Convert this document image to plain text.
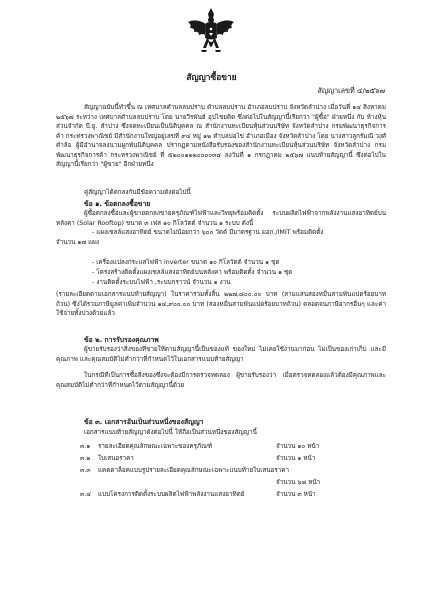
สัญญาซื้อขาย
สัญญาเลขที่ ๔/๒๕๖๗
สัญญาฉบับนี้ทำขึ้น ณ เทศบาลตำบลลบปราบ ตำบลลบปราบ อำเภอลบปราบ จังหวัดลำปาง เมื่อวันที่ ๑๔ สิงหาคม ๒๕๖๗ ระหว่าง เทศบาลตำบลลบปราบ โดย นายวีรพันธ์ อุปไชยคิด ซึ่งต่อไปในสัญญานี้เรียกว่า "ผู้ซื้อ" ฝ่ายหนึ่ง กับ ห้างหุ้นส่วนจำกัด บี.ยู. ลำปาง ซึ่งจดทะเบียนเป็นนิติบุคคล ณ สำนักงานทะเบียนหุ้นส่วนบริษัท จังหวัดลำปาง กรมพัฒนาธุรกิจการค้า กระทรวงพาณิชย์ มีสำนักงานใหญ่อยู่เลขที่ ๙๔ หมู่ ๑๒ ตำบลบ่อไข่ อำเภอเมือง จังหวัดลำปาง โดย นางสาวลูกรัมณี วงศ์คำล้อ ผู้มีอำนาจลงนามผูกพันนิติบุคคล ปรากฏตามหนังสือรับรองของสำนักงานทะเบียนหุ้นส่วนบริษัท จังหวัดลำปาง กรมพัฒนาธุรกิจการค้า กระทรวงพาณิชย์ ที่ ๕๒๐๐๑๒๒๐๐๐๐๓๔ ลงวันที่ ๑ กรกฎาคม ๒๕๖๗ แนบท้ายสัญญานี้ ซึ่งต่อไปในสัญญานี้เรียกว่า "ผู้ขาย" อีกฝ่ายหนึ่ง
คู่สัญญาได้ตกลงกันมีข้อความดังต่อไปนี้
ข้อ ๑. ข้อตกลงซื้อขาย
ผู้ซื้อตกลงซื้อและผู้ขายตกลงขายครุภัณฑ์ไฟฟ้าและวิทยุพร้อมติดตั้ง ระบบผลิตไฟฟ้าจากพลังงานแสงอาทิตย์บนหลังคา (Solar Rooftop) ขนาด ๓ เฟส ๑๐ กิโลวัตต์ จำนวน ๑ ระบบ ดังนี้
- แผงเซลล์แสงอาทิตย์ ขนาดไม่น้อยกว่า ๖๐๐ วัตต์ มีมาตรฐาน มอก./IMIT พร้อมติดตั้ง
จำนวน ๑๗ แผง
- เครื่องแปลงกระแสไฟฟ้า inverter ขนาด ๑๐ กิโลวัตต์ จำนวน ๑ ชุด
- โครงสร้างติดตั้งแผงเซลล์แสงอาทิตย์บนหลังคา พร้อมติดตั้ง จำนวน ๑ ชุด
- งานติดตั้งระบบไฟฟ้า ,ระบบกราวน์ จำนวน ๑ งาน
(รายละเอียดตามเอกสารแนบท้ายสัญญา) ในราคารวมทั้งสิ้น ๒๒๗,๘๐๐.๐๐ บาท (สามแสนสองหมื่นสามพันแปดร้อยบาทถ้วน) ซึ่งได้รวมภาษีมูลค่าเพิ่มจำนวน ๑๔,๙๐๐.๐๐ บาท (สองหมื่นสามพันแปดร้อยบาทถ้วน) ตลอดจนภาษีอากรอื่นๆ และค่าใช้จ่ายทั้งปวงด้วยแล้ว
ข้อ ๒. การรับรองคุณภาพ
ผู้ขายรับรองว่าสิ่งของที่ขายให้ตามสัญญานี้เป็นของแท้ ของใหม่ ไม่เคยใช้งานมาก่อน ไม่เป็นของเก่าเก็บ และมีคุณภาพ และคุณสมบัติไม่ต่ำกว่าที่กำหนดไว้ในเอกสารแนบท้ายสัญญา
ในกรณีที่เป็นการซื้อสิ่งของซึ่งจะต้องมีการตรวจทดลอง ผู้ขายรับรองว่า เมื่อตรวจทดลองแล้วต้องมีคุณภาพและคุณสมบัติไม่ต่ำกว่าที่กำหนดไว้ตามสัญญานี้ด้วย
ข้อ ๓. เอกสารอันเป็นส่วนหนึ่งของสัญญา
เอกสารแนบท้ายสัญญาดังต่อไปนี้ ให้ถือเป็นส่วนหนึ่งของสัญญานี้
๓.๑ รายละเอียดคุณลักษณะเฉพาะของครุภัณฑ์	จำนวน ๑๐ หน้า
๓.๒ ใบเสนอราคา	จำนวน ๑ หน้า
๓.๓ แคตตาล็อคแบบรูปรายละเอียดคุณลักษณะเฉพาะแนบท้ายใบเสนอราคา
จำนวน ๖๘ หน้า
๓.๔ แบบโครงการติดตั้งระบบผลิตไฟฟ้าพลังงานแสงอาทิตย์	จำนวน ๓ หน้า
